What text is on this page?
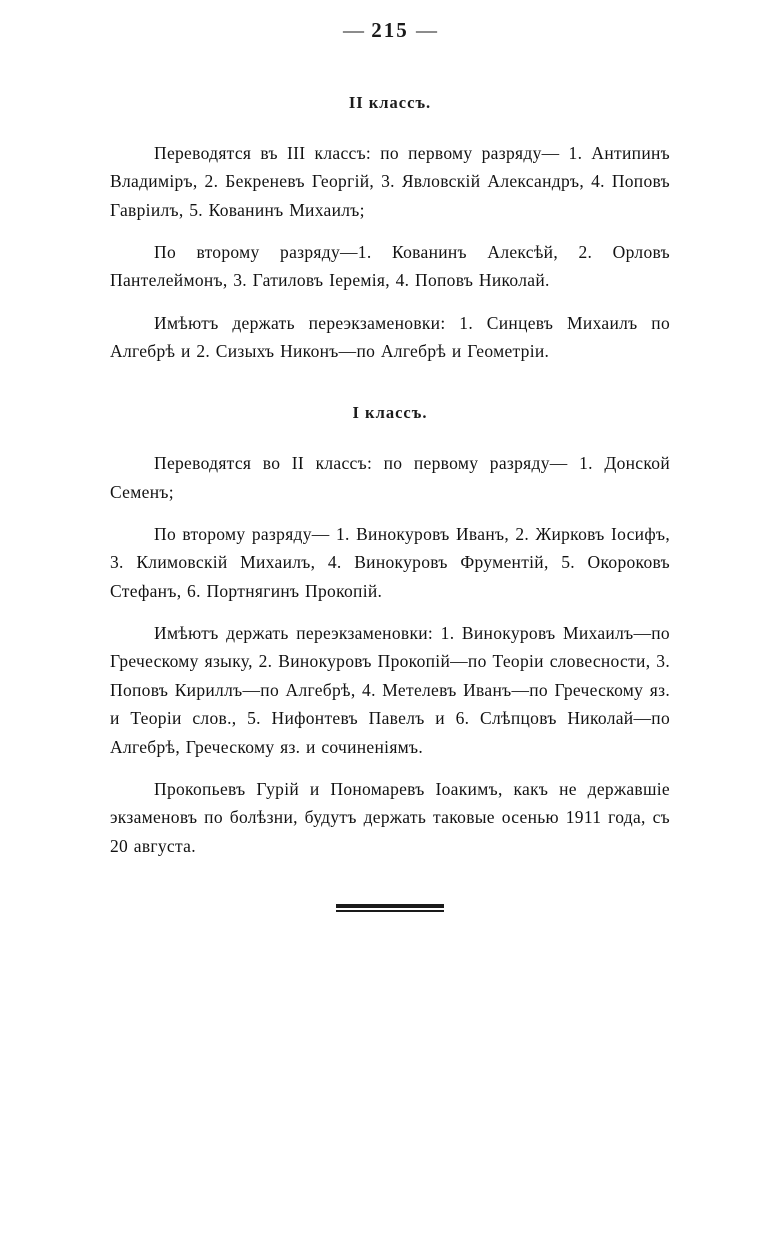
— 215 —
II классъ.

Переводятся въ III классъ: по первому разряду— 1. Антипинъ Владиміръ, 2. Бекреневъ Георгій, 3. Явловскій Александръ, 4. Поповъ Гавріилъ, 5. Кованинъ Михаилъ;

По второму разряду—1. Кованинъ Алексѣй, 2. Орловъ Пантелеймонъ, 3. Гатиловъ Іеремія, 4. Поповъ Николай.

Имѣютъ держать переэкзаменовки: 1. Синцевъ Михаилъ по Алгебрѣ и 2. Сизыхъ Никонъ—по Алгебрѣ и Геометріи.

I классъ.

Переводятся во II классъ: по первому разряду— 1. Донской Семенъ;

По второму разряду— 1. Винокуровъ Иванъ, 2. Жирковъ Іосифъ, 3. Климовскій Михаилъ, 4. Винокуровъ Фрументій, 5. Окороковъ Стефанъ, 6. Портнягинъ Прокопій.

Имѣютъ держать переэкзаменовки: 1. Винокуровъ Михаилъ—по Греческому языку, 2. Винокуровъ Прокопій—по Теоріи словесности, 3. Поповъ Кириллъ—по Алгебрѣ, 4. Метелевъ Иванъ—по Греческому яз. и Теоріи слов., 5. Нифонтевъ Павелъ и 6. Слѣпцовъ Николай—по Алгебрѣ, Греческому яз. и сочиненіямъ.

Прокопьевъ Гурій и Пономаревъ Іоакимъ, какъ не державшіе экзаменовъ по болѣзни, будутъ держать таковые осенью 1911 года, съ 20 августа.
